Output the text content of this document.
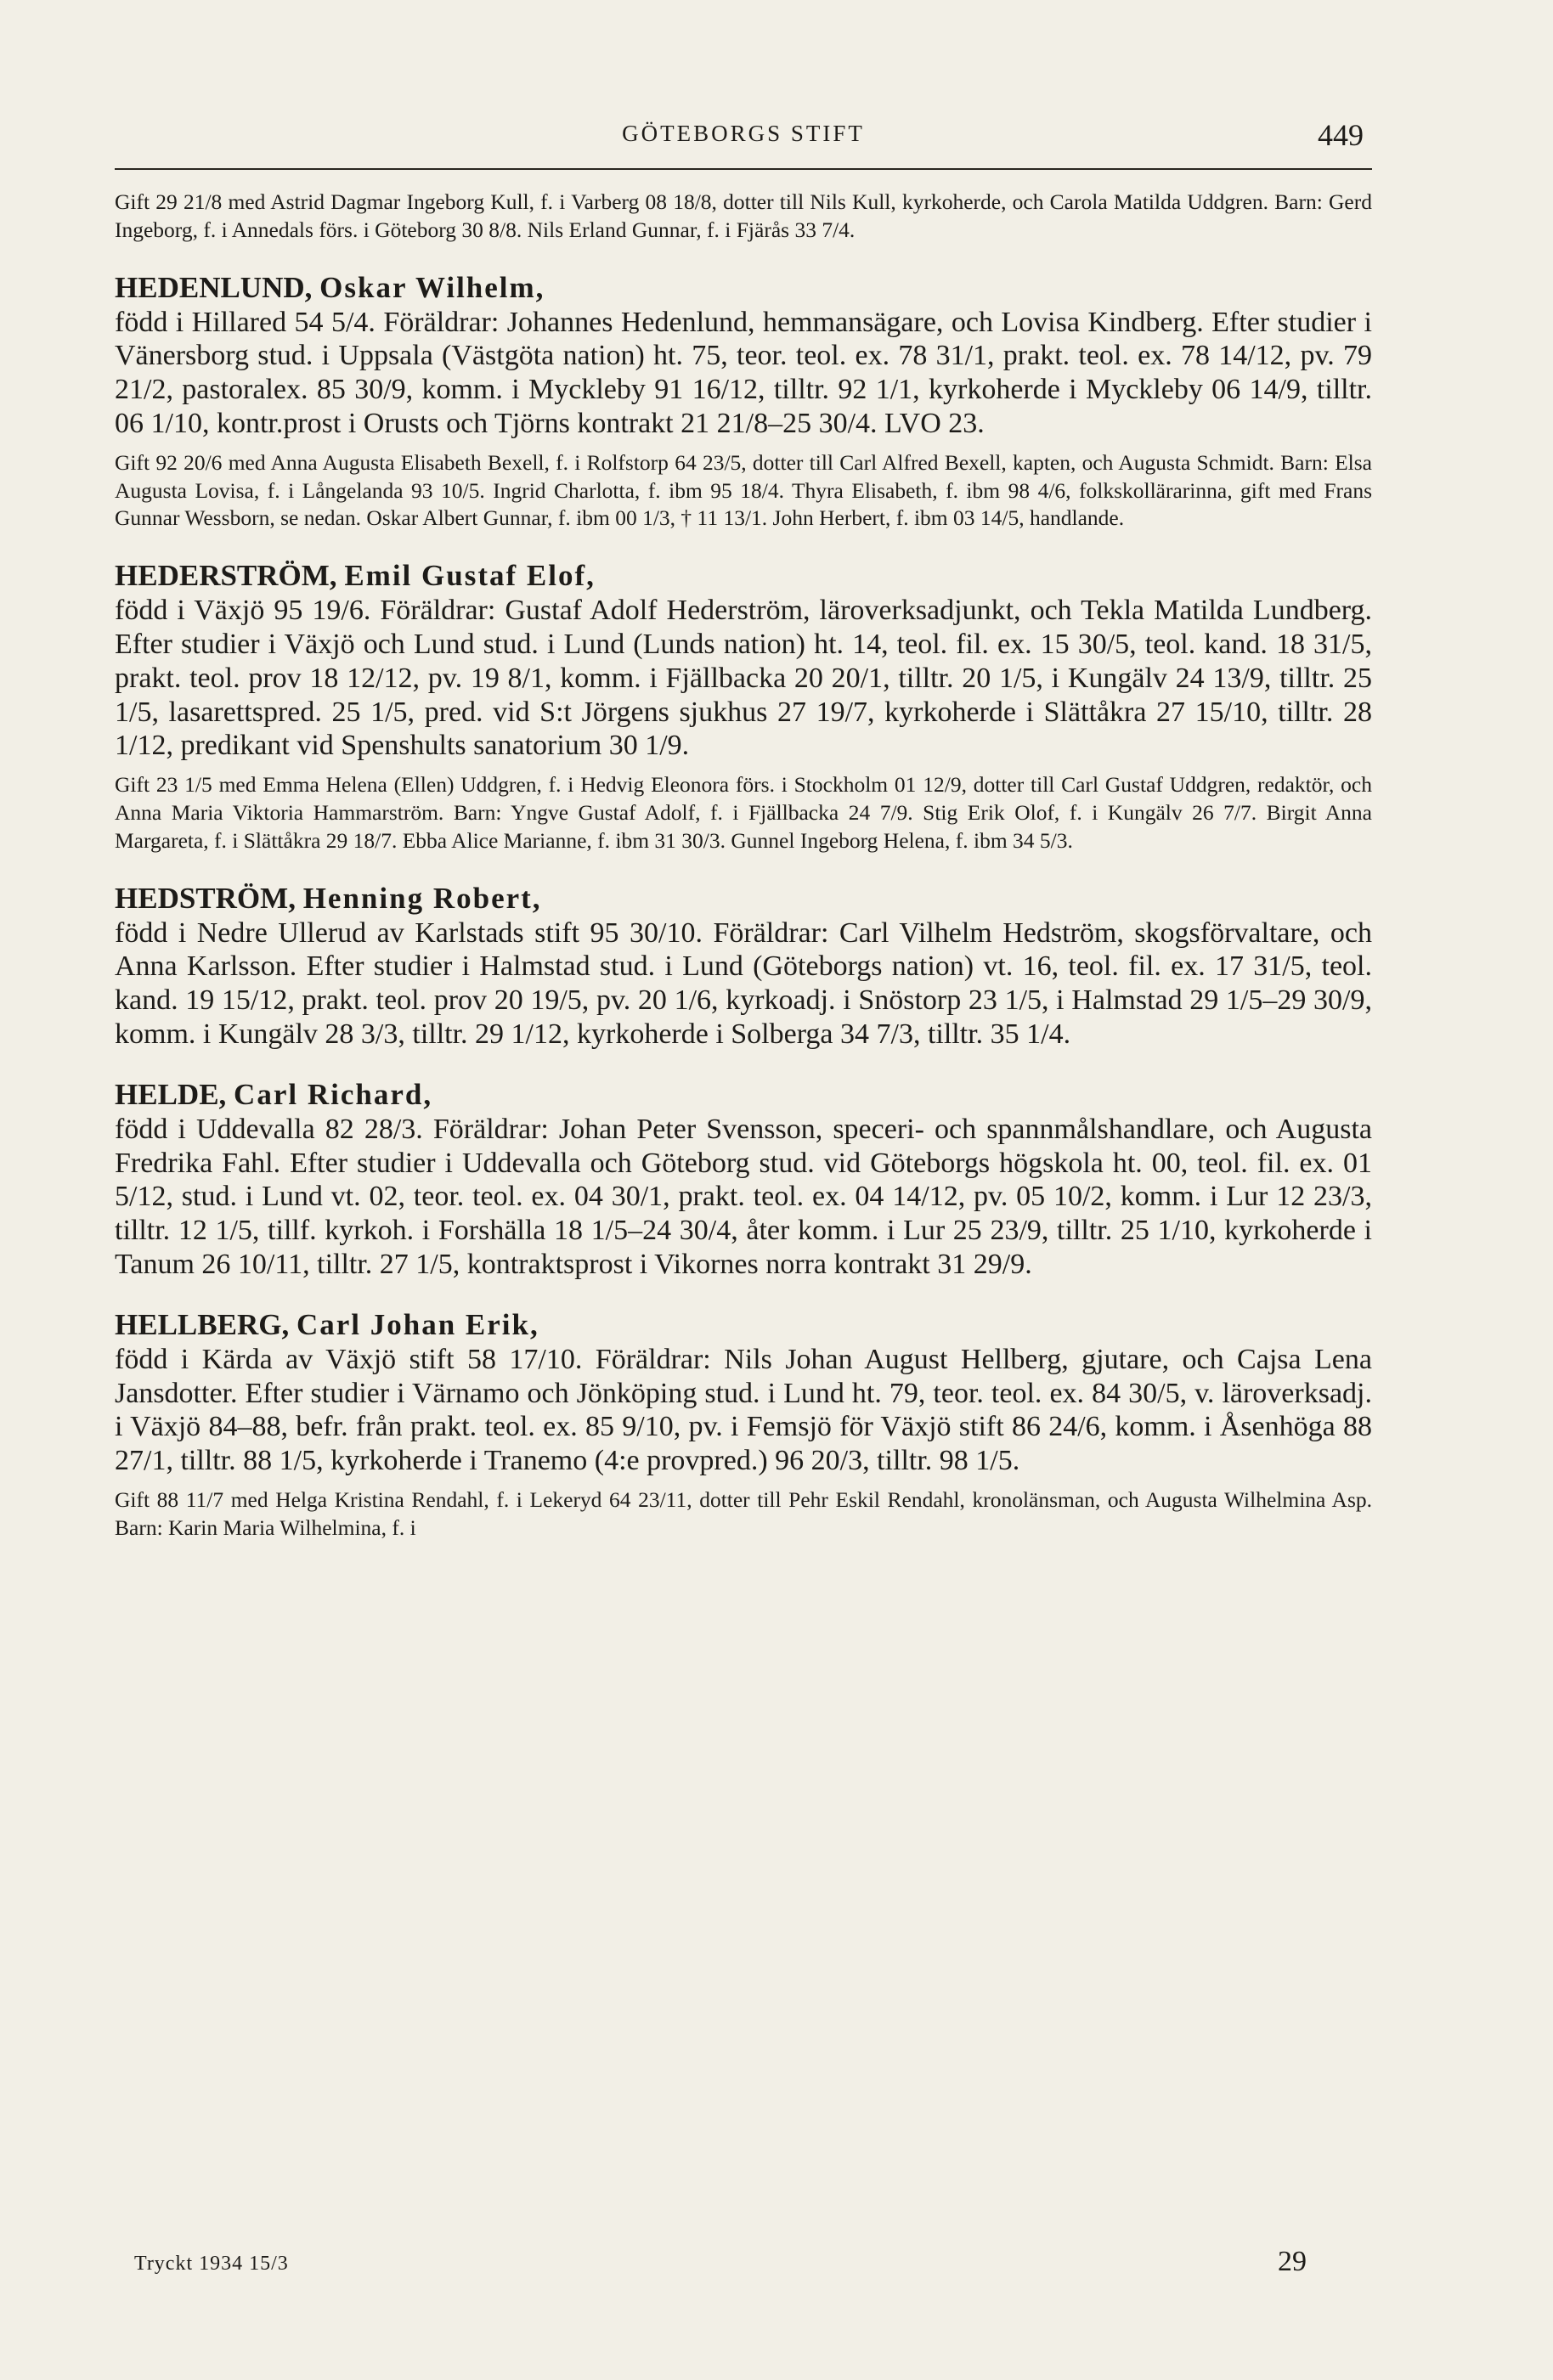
GÖTEBORGS STIFT	449

Gift 29 21/8 med Astrid Dagmar Ingeborg Kull, f. i Varberg 08 18/8, dotter till Nils Kull, kyrkoherde, och Carola Matilda Uddgren. Barn: Gerd Ingeborg, f. i Annedals förs. i Göteborg 30 8/8. Nils Erland Gunnar, f. i Fjärås 33 7/4.

HEDENLUND, Oskar Wilhelm,

född i Hillared 54 5/4. Föräldrar: Johannes Hedenlund, hemmansägare, och Lovisa Kindberg. Efter studier i Vänersborg stud. i Uppsala (Västgöta nation) ht. 75, teor. teol. ex. 78 31/1, prakt. teol. ex. 78 14/12, pv. 79 21/2, pastoralex. 85 30/9, komm. i Myckleby 91 16/12, tilltr. 92 1/1, kyrkoherde i Myckleby 06 14/9, tilltr. 06 1/10, kontr.prost i Orusts och Tjörns kontrakt 21 21/8–25 30/4. LVO 23.

Gift 92 20/6 med Anna Augusta Elisabeth Bexell, f. i Rolfstorp 64 23/5, dotter till Carl Alfred Bexell, kapten, och Augusta Schmidt. Barn: Elsa Augusta Lovisa, f. i Långelanda 93 10/5. Ingrid Charlotta, f. ibm 95 18/4. Thyra Elisabeth, f. ibm 98 4/6, folkskollärarinna, gift med Frans Gunnar Wessborn, se nedan. Oskar Albert Gunnar, f. ibm 00 1/3, † 11 13/1. John Herbert, f. ibm 03 14/5, handlande.

HEDERSTRÖM, Emil Gustaf Elof,

född i Växjö 95 19/6. Föräldrar: Gustaf Adolf Hederström, läroverksadjunkt, och Tekla Matilda Lundberg. Efter studier i Växjö och Lund stud. i Lund (Lunds nation) ht. 14, teol. fil. ex. 15 30/5, teol. kand. 18 31/5, prakt. teol. prov 18 12/12, pv. 19 8/1, komm. i Fjällbacka 20 20/1, tilltr. 20 1/5, i Kungälv 24 13/9, tilltr. 25 1/5, lasarettspred. 25 1/5, pred. vid S:t Jörgens sjukhus 27 19/7, kyrkoherde i Slättåkra 27 15/10, tilltr. 28 1/12, predikant vid Spenshults sanatorium 30 1/9.

Gift 23 1/5 med Emma Helena (Ellen) Uddgren, f. i Hedvig Eleonora förs. i Stockholm 01 12/9, dotter till Carl Gustaf Uddgren, redaktör, och Anna Maria Viktoria Hammarström. Barn: Yngve Gustaf Adolf, f. i Fjällbacka 24 7/9. Stig Erik Olof, f. i Kungälv 26 7/7. Birgit Anna Margareta, f. i Slättåkra 29 18/7. Ebba Alice Marianne, f. ibm 31 30/3. Gunnel Ingeborg Helena, f. ibm 34 5/3.

HEDSTRÖM, Henning Robert,

född i Nedre Ullerud av Karlstads stift 95 30/10. Föräldrar: Carl Vilhelm Hedström, skogsförvaltare, och Anna Karlsson. Efter studier i Halmstad stud. i Lund (Göteborgs nation) vt. 16, teol. fil. ex. 17 31/5, teol. kand. 19 15/12, prakt. teol. prov 20 19/5, pv. 20 1/6, kyrkoadj. i Snöstorp 23 1/5, i Halmstad 29 1/5–29 30/9, komm. i Kungälv 28 3/3, tilltr. 29 1/12, kyrkoherde i Solberga 34 7/3, tilltr. 35 1/4.

HELDE, Carl Richard,

född i Uddevalla 82 28/3. Föräldrar: Johan Peter Svensson, speceri- och spannmålshandlare, och Augusta Fredrika Fahl. Efter studier i Uddevalla och Göteborg stud. vid Göteborgs högskola ht. 00, teol. fil. ex. 01 5/12, stud. i Lund vt. 02, teor. teol. ex. 04 30/1, prakt. teol. ex. 04 14/12, pv. 05 10/2, komm. i Lur 12 23/3, tilltr. 12 1/5, tillf. kyrkoh. i Forshälla 18 1/5–24 30/4, åter komm. i Lur 25 23/9, tilltr. 25 1/10, kyrkoherde i Tanum 26 10/11, tilltr. 27 1/5, kontraktsprost i Vikornes norra kontrakt 31 29/9.

HELLBERG, Carl Johan Erik,

född i Kärda av Växjö stift 58 17/10. Föräldrar: Nils Johan August Hellberg, gjutare, och Cajsa Lena Jansdotter. Efter studier i Värnamo och Jönköping stud. i Lund ht. 79, teor. teol. ex. 84 30/5, v. läroverksadj. i Växjö 84–88, befr. från prakt. teol. ex. 85 9/10, pv. i Femsjö för Växjö stift 86 24/6, komm. i Åsenhöga 88 27/1, tilltr. 88 1/5, kyrkoherde i Tranemo (4:e provpred.) 96 20/3, tilltr. 98 1/5.

Gift 88 11/7 med Helga Kristina Rendahl, f. i Lekeryd 64 23/11, dotter till Pehr Eskil Rendahl, kronolänsman, och Augusta Wilhelmina Asp. Barn: Karin Maria Wilhelmina, f. i

Tryckt 1934 15/3	29
